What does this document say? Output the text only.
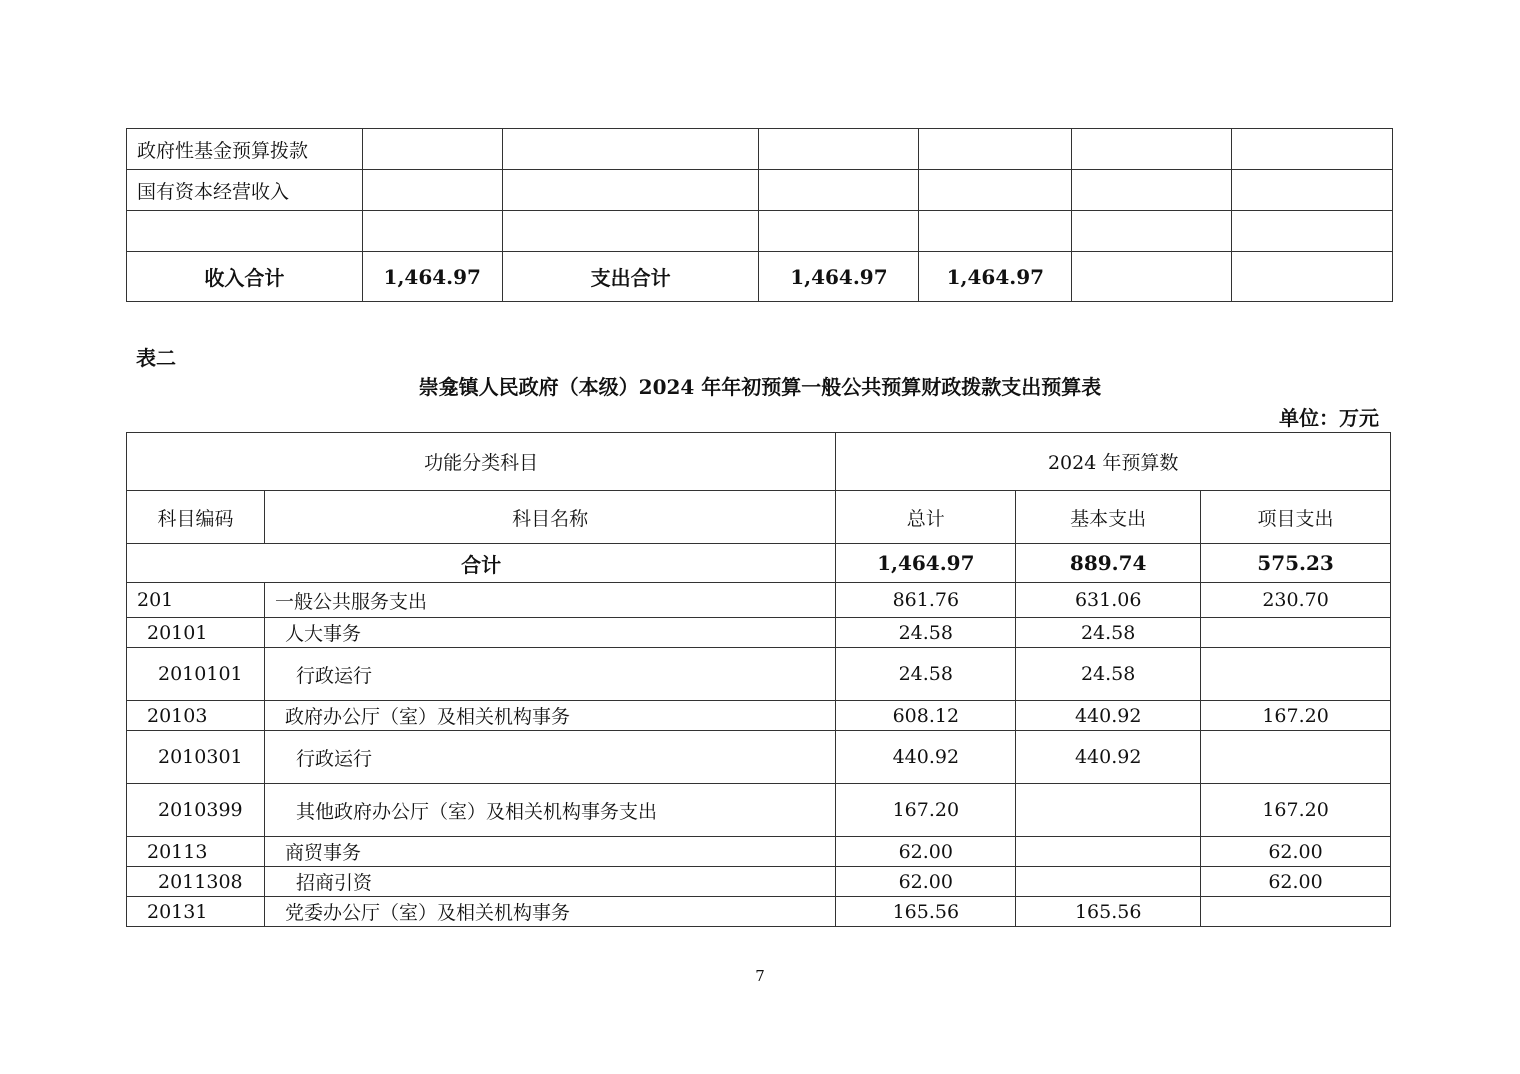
政府性基金预算拨款						
国有资本经营收入						

收入合计	1,464.97	支出合计	1,464.97	1,464.97		
表二
崇龛镇人民政府（本级）2024 年年初预算一般公共预算财政拨款支出预算表
单位：万元
功能分类科目		2024 年预算数		
科目编码	科目名称	总计	基本支出	项目支出
合计		1,464.97	889.74	575.23
201	一般公共服务支出	861.76	631.06	230.70
20101	人大事务	24.58	24.58	
2010101	行政运行	24.58	24.58	
20103	政府办公厅（室）及相关机构事务	608.12	440.92	167.20
2010301	行政运行	440.92	440.92	
2010399	其他政府办公厅（室）及相关机构事务支出	167.20		167.20
20113	商贸事务	62.00		62.00
2011308	招商引资	62.00		62.00
20131	党委办公厅（室）及相关机构事务	165.56	165.56	
7
